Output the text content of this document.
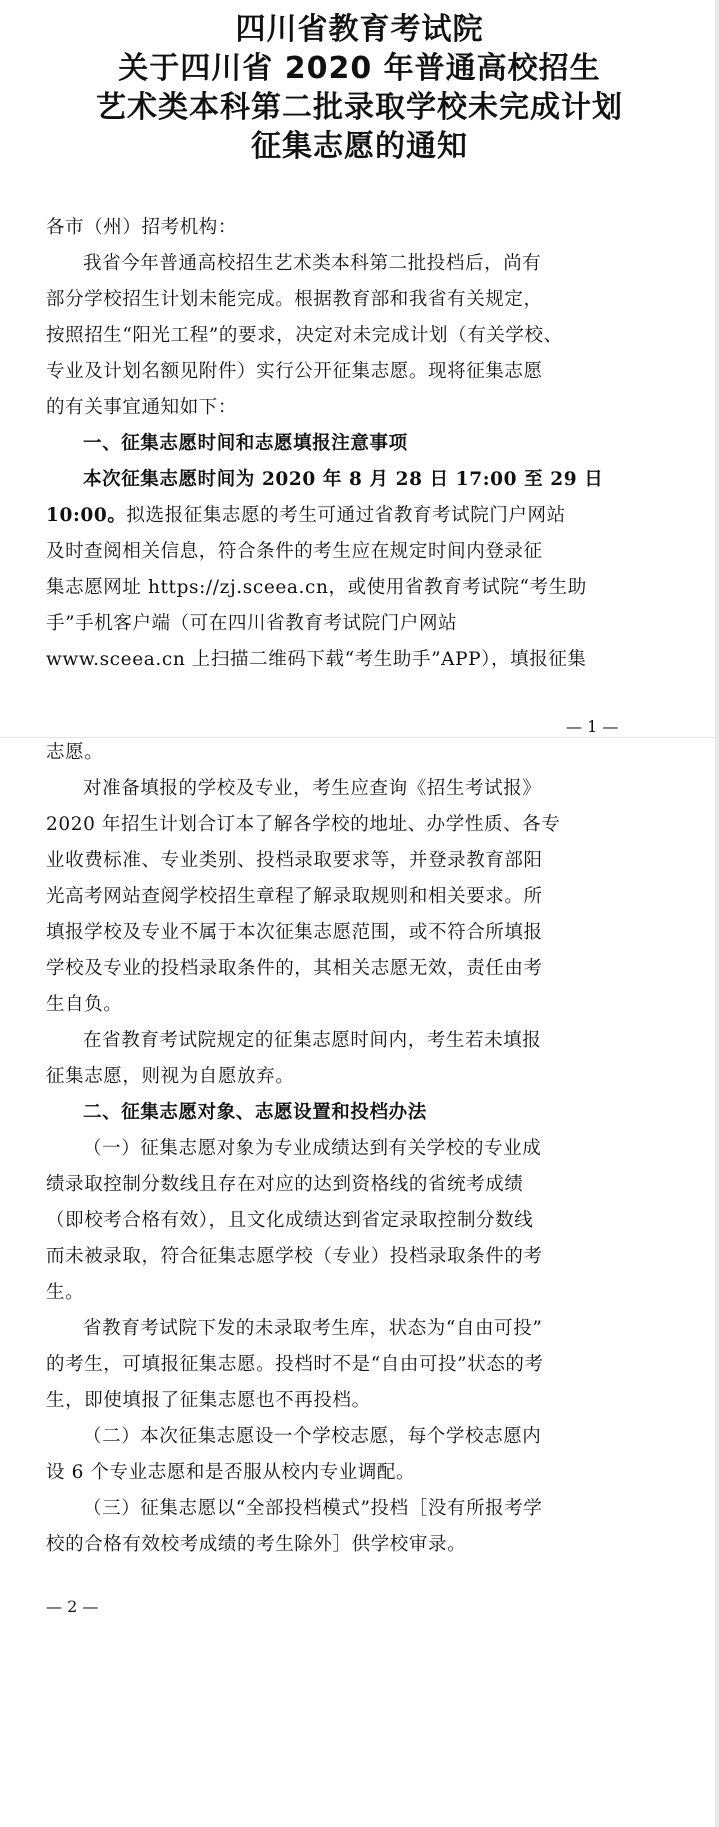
四川省教育考试院
关于四川省 2020 年普通高校招生
艺术类本科第二批录取学校未完成计划
征集志愿的通知
各市（州）招考机构：
我省今年普通高校招生艺术类本科第二批投档后，尚有
部分学校招生计划未能完成。根据教育部和我省有关规定，
按照招生“阳光工程”的要求，决定对未完成计划（有关学校、
专业及计划名额见附件）实行公开征集志愿。现将征集志愿
的有关事宜通知如下：
一、征集志愿时间和志愿填报注意事项
本次征集志愿时间为 2020 年 8 月 28 日 17:00 至 29 日
10:00。拟选报征集志愿的考生可通过省教育考试院门户网站
及时查阅相关信息，符合条件的考生应在规定时间内登录征
集志愿网址 https://zj.sceea.cn，或使用省教育考试院“考生助
手”手机客户端（可在四川省教育考试院门户网站
www.sceea.cn 上扫描二维码下载“考生助手”APP），填报征集
— 1 —
志愿。
对准备填报的学校及专业，考生应查询《招生考试报》
2020 年招生计划合订本了解各学校的地址、办学性质、各专
业收费标准、专业类别、投档录取要求等，并登录教育部阳
光高考网站查阅学校招生章程了解录取规则和相关要求。所
填报学校及专业不属于本次征集志愿范围，或不符合所填报
学校及专业的投档录取条件的，其相关志愿无效，责任由考
生自负。
在省教育考试院规定的征集志愿时间内，考生若未填报
征集志愿，则视为自愿放弃。
二、征集志愿对象、志愿设置和投档办法
（一）征集志愿对象为专业成绩达到有关学校的专业成
绩录取控制分数线且存在对应的达到资格线的省统考成绩
（即校考合格有效），且文化成绩达到省定录取控制分数线
而未被录取，符合征集志愿学校（专业）投档录取条件的考
生。
省教育考试院下发的未录取考生库，状态为“自由可投”
的考生，可填报征集志愿。投档时不是“自由可投”状态的考
生，即使填报了征集志愿也不再投档。
（二）本次征集志愿设一个学校志愿，每个学校志愿内
设 6 个专业志愿和是否服从校内专业调配。
（三）征集志愿以“全部投档模式”投档［没有所报考学
校的合格有效校考成绩的考生除外］供学校审录。
— 2 —
